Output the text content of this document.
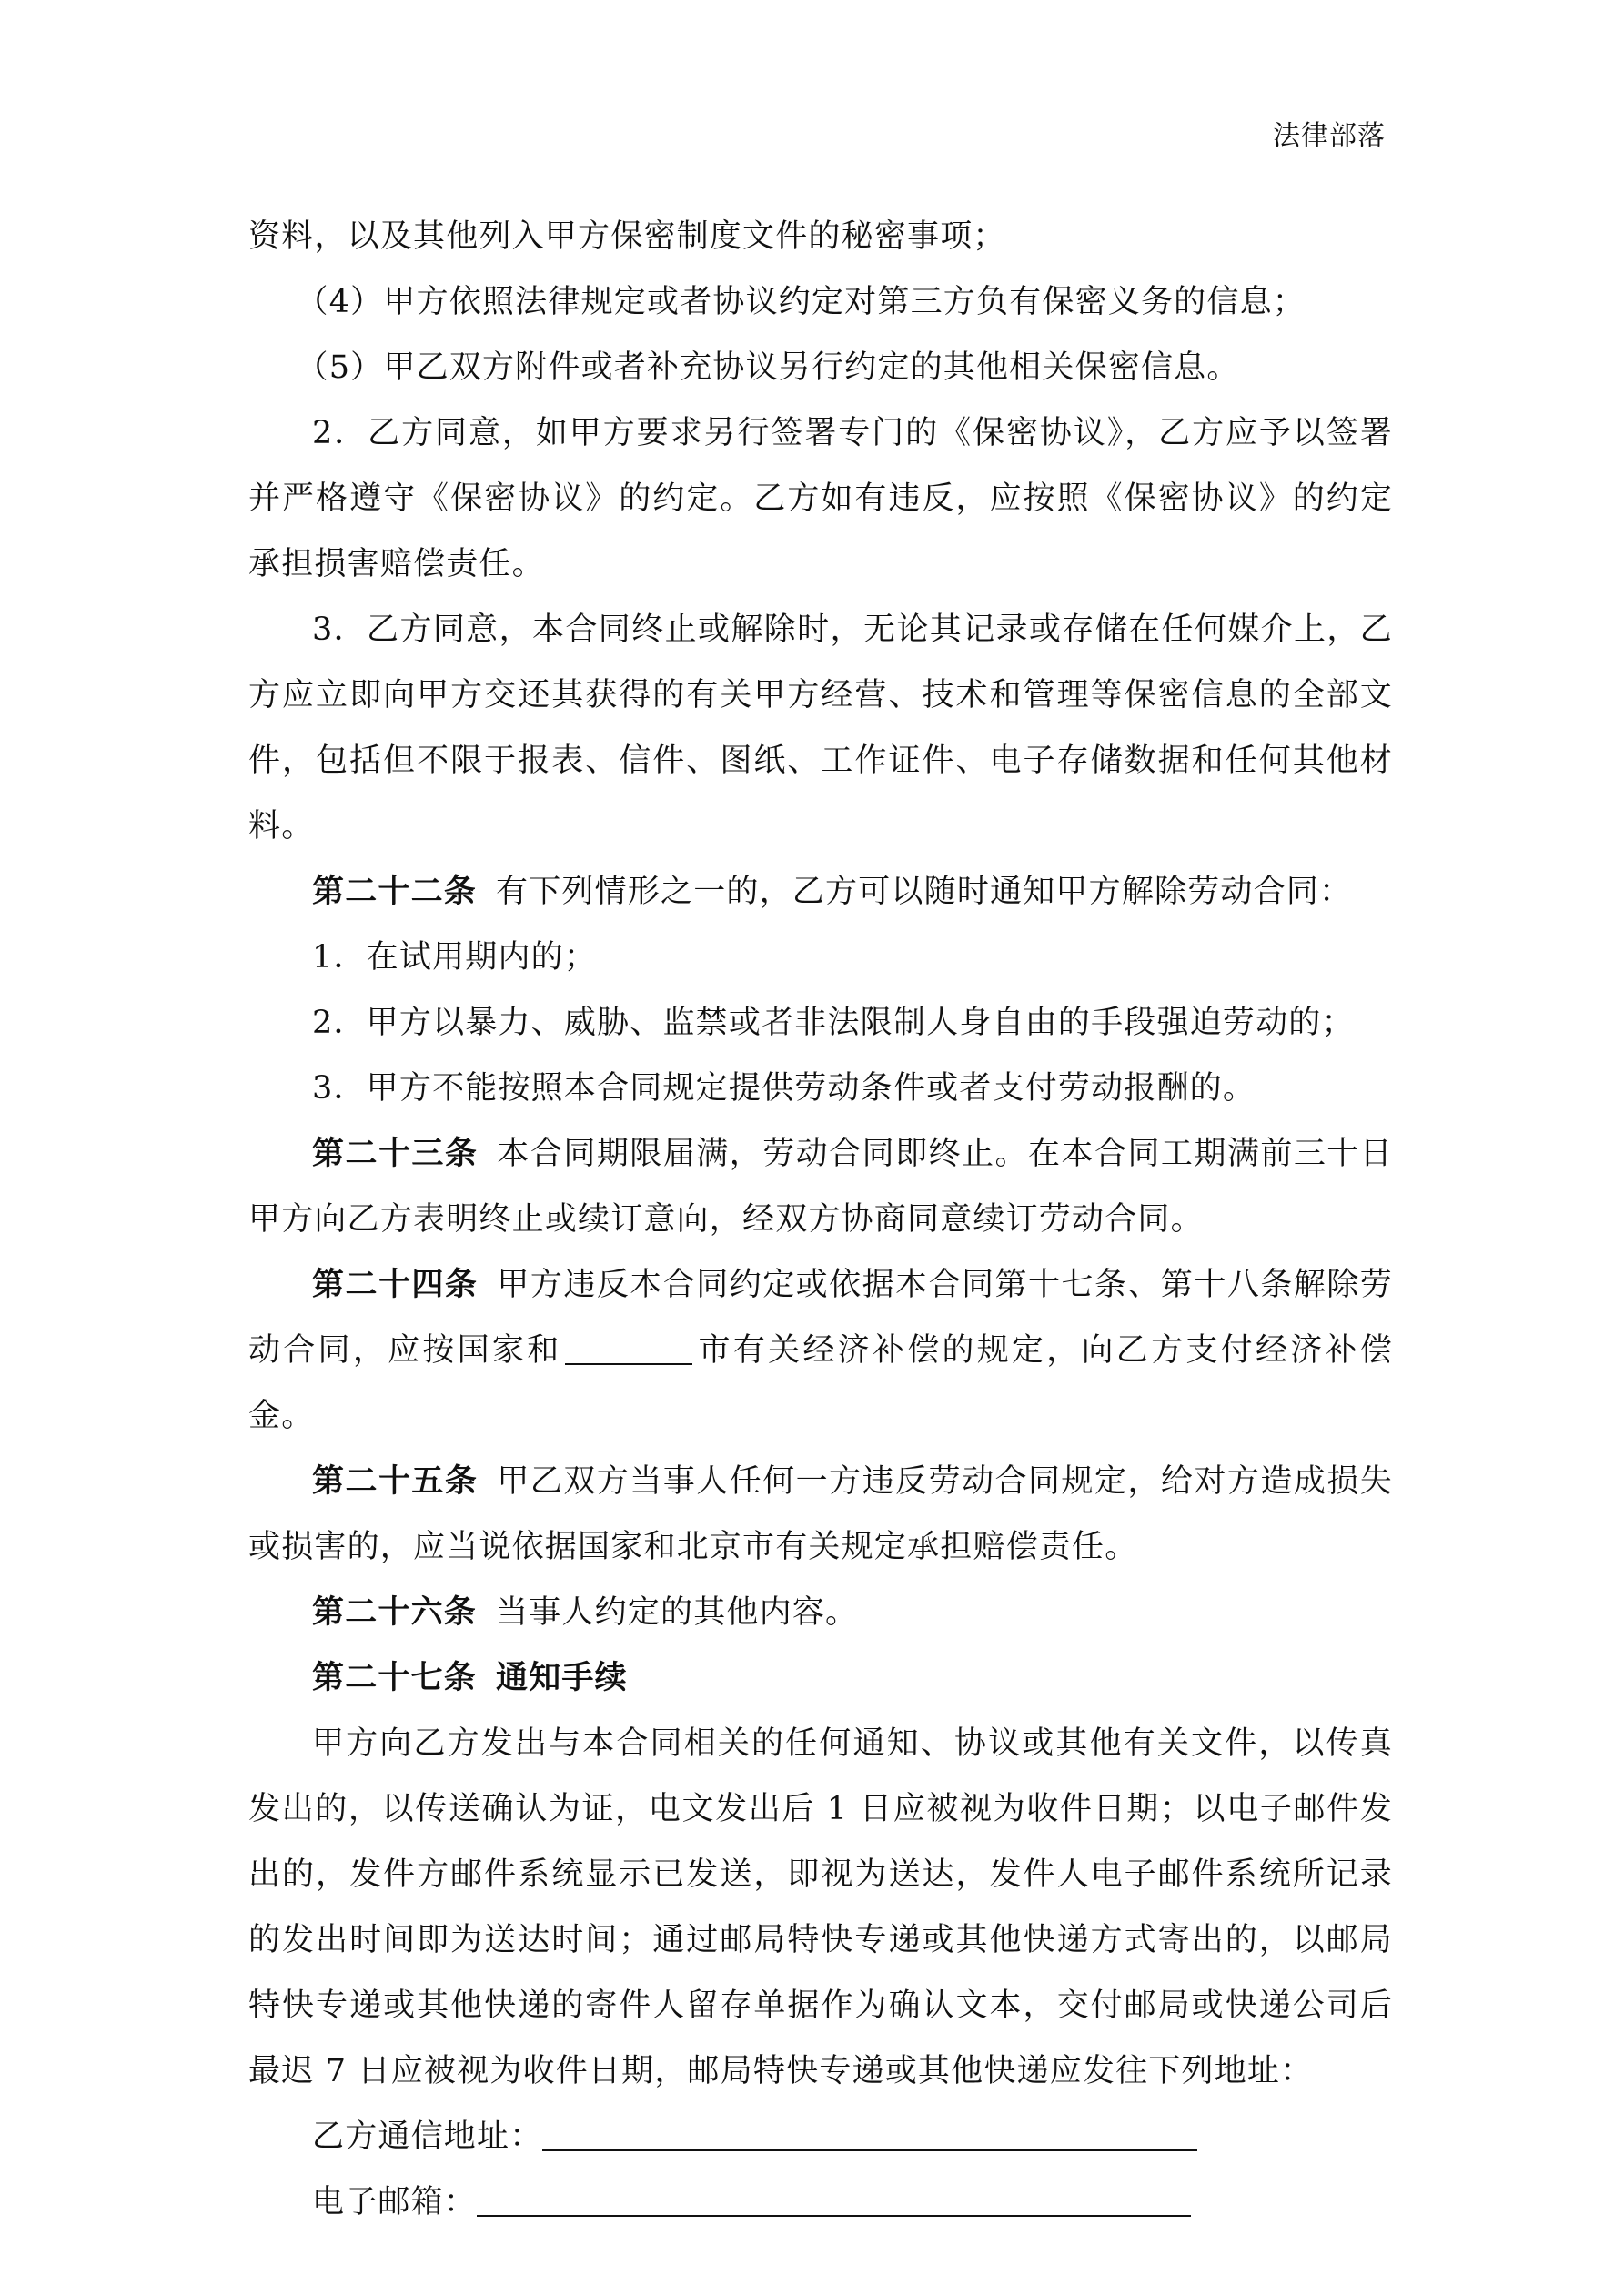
法律部落

资料，以及其他列入甲方保密制度文件的秘密事项；

（4）甲方依照法律规定或者协议约定对第三方负有保密义务的信息；

（5）甲乙双方附件或者补充协议另行约定的其他相关保密信息。

2．乙方同意，如甲方要求另行签署专门的《保密协议》，乙方应予以签署并严格遵守《保密协议》的约定。乙方如有违反，应按照《保密协议》的约定承担损害赔偿责任。

3．乙方同意，本合同终止或解除时，无论其记录或存储在任何媒介上，乙方应立即向甲方交还其获得的有关甲方经营、技术和管理等保密信息的全部文件，包括但不限于报表、信件、图纸、工作证件、电子存储数据和任何其他材料。

第二十二条 有下列情形之一的，乙方可以随时通知甲方解除劳动合同：

1．在试用期内的；

2．甲方以暴力、威胁、监禁或者非法限制人身自由的手段强迫劳动的；

3．甲方不能按照本合同规定提供劳动条件或者支付劳动报酬的。

第二十三条 本合同期限届满，劳动合同即终止。在本合同工期满前三十日甲方向乙方表明终止或续订意向，经双方协商同意续订劳动合同。

第二十四条 甲方违反本合同约定或依据本合同第十七条、第十八条解除劳动合同，应按国家和	市有关经济补偿的规定，向乙方支付经济补偿金。

第二十五条 甲乙双方当事人任何一方违反劳动合同规定，给对方造成损失或损害的，应当说依据国家和北京市有关规定承担赔偿责任。

第二十六条 当事人约定的其他内容。

第二十七条 通知手续

甲方向乙方发出与本合同相关的任何通知、协议或其他有关文件，以传真发出的，以传送确认为证，电文发出后 1 日应被视为收件日期；以电子邮件发出的，发件方邮件系统显示已发送，即视为送达，发件人电子邮件系统所记录的发出时间即为送达时间；通过邮局特快专递或其他快递方式寄出的，以邮局特快专递或其他快递的寄件人留存单据作为确认文本，交付邮局或快递公司后最迟 7 日应被视为收件日期，邮局特快专递或其他快递应发往下列地址：

乙方通信地址：

电子邮箱：
